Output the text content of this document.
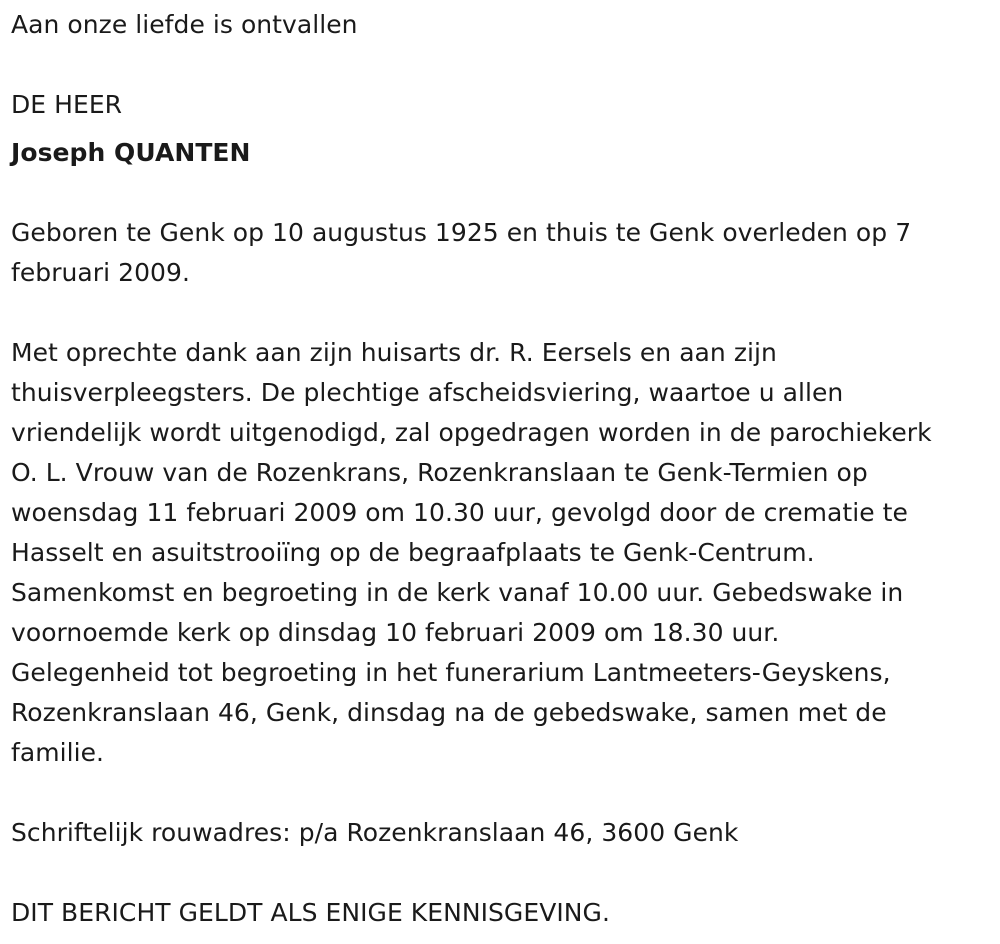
Aan onze liefde is ontvallen
DE HEER
Joseph QUANTEN
Geboren te Genk op 10 augustus 1925 en thuis te Genk overleden op 7
februari 2009.
Met oprechte dank aan zijn huisarts dr. R. Eersels en aan zijn
thuisverpleegsters. De plechtige afscheidsviering, waartoe u allen
vriendelijk wordt uitgenodigd, zal opgedragen worden in de parochiekerk
O. L. Vrouw van de Rozenkrans, Rozenkranslaan te Genk-Termien op
woensdag 11 februari 2009 om 10.30 uur, gevolgd door de crematie te
Hasselt en asuitstrooiïng op de begraafplaats te Genk-Centrum.
Samenkomst en begroeting in de kerk vanaf 10.00 uur. Gebedswake in
voornoemde kerk op dinsdag 10 februari 2009 om 18.30 uur.
Gelegenheid tot begroeting in het funerarium Lantmeeters-Geyskens,
Rozenkranslaan 46, Genk, dinsdag na de gebedswake, samen met de
familie.
Schriftelijk rouwadres: p/a Rozenkranslaan 46, 3600 Genk
DIT BERICHT GELDT ALS ENIGE KENNISGEVING.
